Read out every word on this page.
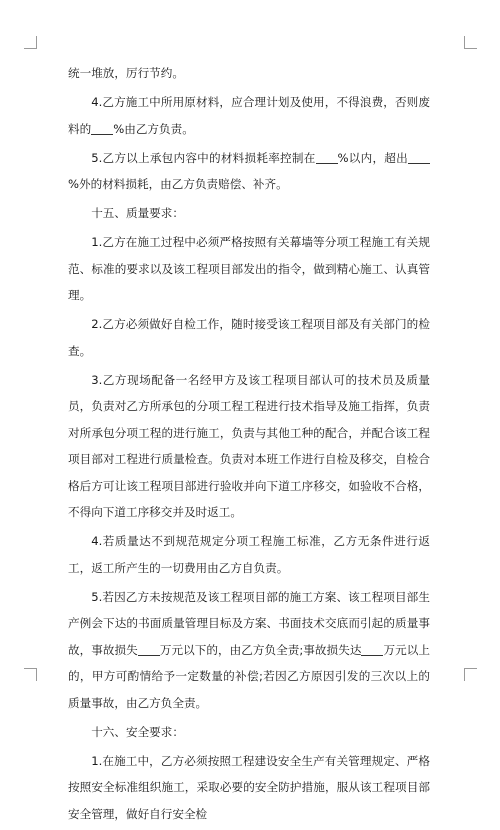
统一堆放，厉行节约。

4.乙方施工中所用原材料，应合理计划及使用，不得浪费，否则废料的 %由乙方负责。

5.乙方以上承包内容中的材料损耗率控制在 %以内，超出%外的材料损耗，由乙方负责赔偿、补齐。

十五、质量要求：

1.乙方在施工过程中必须严格按照有关幕墙等分项工程施工有关规范、标准的要求以及该工程项目部发出的指令，做到精心施工、认真管理。

2.乙方必须做好自检工作，随时接受该工程项目部及有关部门的检查。

3.乙方现场配备一名经甲方及该工程项目部认可的技术员及质量员，负责对乙方所承包的分项工程工程进行技术指导及施工指挥，负责对所承包分项工程的进行施工，负责与其他工种的配合，并配合该工程项目部对工程进行质量检查。负责对本班工作进行自检及移交，自检合格后方可让该工程项目部进行验收并向下道工序移交，如验收不合格，不得向下道工序移交并及时返工。

4.若质量达不到规范规定分项工程施工标准，乙方无条件进行返工，返工所产生的一切费用由乙方自负责。

5.若因乙方未按规范及该工程项目部的施工方案、该工程项目部生产例会下达的书面质量管理目标及方案、书面技术交底而引起的质量事故，事故损失 万元以下的，由乙方负全责;事故损失达 万元以上的，甲方可酌情给予一定数量的补偿;若因乙方原因引发的三次以上的质量事故，由乙方负全责。

十六、安全要求：

1.在施工中，乙方必须按照工程建设安全生产有关管理规定、严格按照安全标准组织施工，采取必要的安全防护措施，服从该工程项目部安全管理，做好自行安全检
